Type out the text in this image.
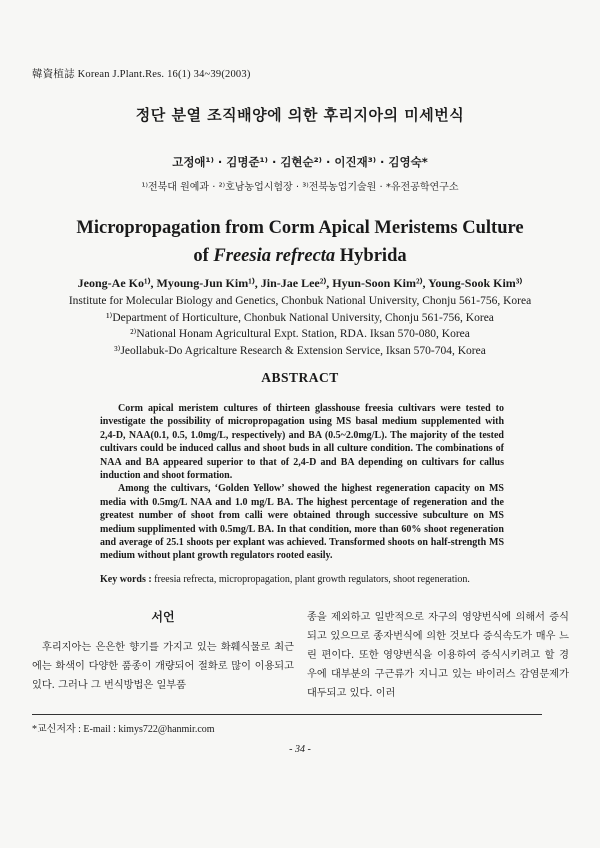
韓資植誌 Korean J.Plant.Res. 16(1) 34~39(2003)
정단 분열 조직배양에 의한 후리지아의 미세번식
고정애¹⁾ · 김명준¹⁾ · 김현순²⁾ · 이진재³⁾ · 김영숙*
¹⁾전북대 원예과 · ²⁾호남농업시험장 · ³⁾전북농업기술원 · *유전공학연구소
Micropropagation from Corm Apical Meristems Culture
of Freesia refrecta Hybrida
Jeong-Ae Ko¹⁾, Myoung-Jun Kim¹⁾, Jin-Jae Lee²⁾, Hyun-Soon Kim²⁾, Young-Sook Kim³⁾
Institute for Molecular Biology and Genetics, Chonbuk National University, Chonju 561-756, Korea
¹⁾Department of Horticulture, Chonbuk National University, Chonju 561-756, Korea
²⁾National Honam Agricultural Expt. Station, RDA. Iksan 570-080, Korea
³⁾Jeollabuk-Do Agricalture Research & Extension Service, Iksan 570-704, Korea
ABSTRACT

Corm apical meristem cultures of thirteen glasshouse freesia cultivars were tested to investigate the possibility of micropropagation using MS basal medium supplemented with 2,4-D, NAA(0.1, 0.5, 1.0mg/L, respectively) and BA (0.5~2.0mg/L). The majority of the tested cultivars could be induced callus and shoot buds in all culture condition. The combinations of NAA and BA appeared superior to that of 2,4-D and BA depending on cultivars for callus induction and shoot formation.

Among the cultivars, ‘Golden Yellow’ showed the highest regeneration capacity on MS media with 0.5mg/L NAA and 1.0 mg/L BA. The highest percentage of regeneration and the greatest number of shoot from calli were obtained through successive subculture on MS medium supplimented with 0.5mg/L BA. In that condition, more than 60% shoot regeneration and average of 25.1 shoots per explant was achieved. Transformed shoots on half-strength MS medium without plant growth regulators rooted easily.

Key words : freesia refrecta, micropropagation, plant growth regulators, shoot regeneration.
서언

후리지아는 은은한 향기를 가지고 있는 화훼식물로 최근에는 화색이 다양한 품종이 개량되어 절화로 많이 이용되고 있다. 그러나 그 번식방법은 일부품

종을 제외하고 일반적으로 자구의 영양번식에 의해서 증식되고 있으므로 종자번식에 의한 것보다 증식속도가 매우 느린 편이다. 또한 영양번식을 이용하여 증식시키려고 할 경우에 대부분의 구근류가 지니고 있는 바이러스 감염문제가 대두되고 있다. 이러

*교신저자 : E-mail : kimys722@hanmir.com
- 34 -
